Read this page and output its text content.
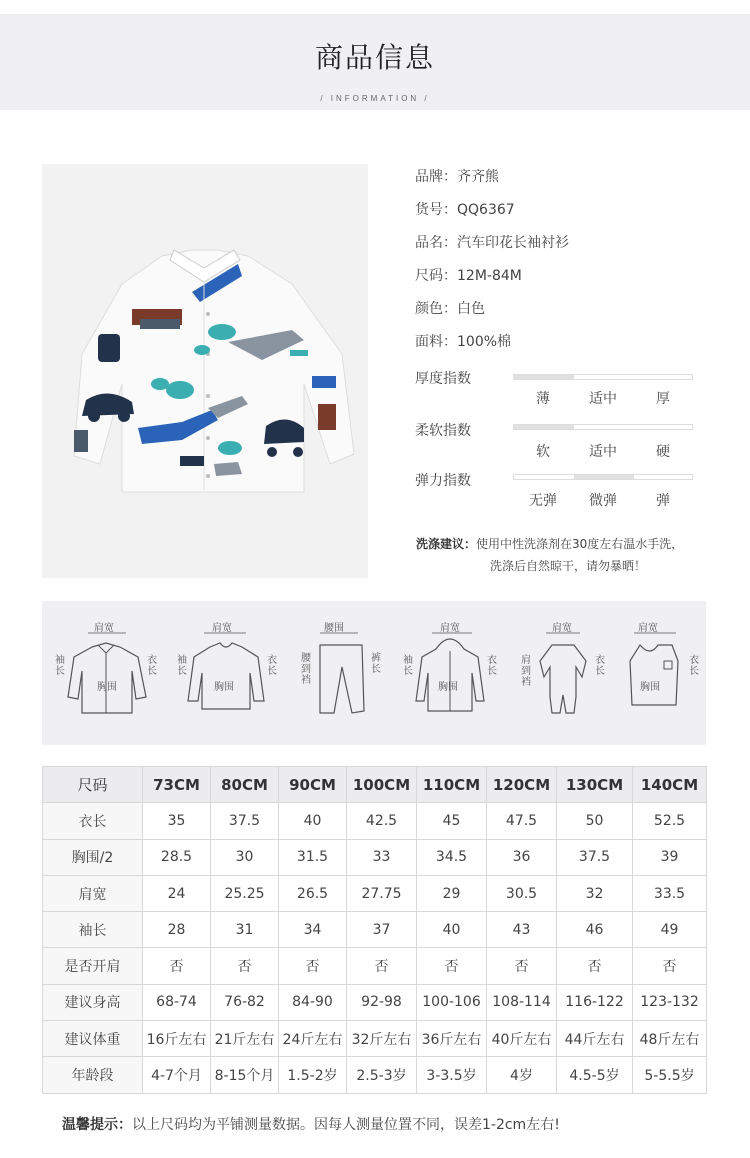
商品信息
/ INFORMATION /
品牌：齐齐熊
货号：QQ6367
品名：汽车印花长袖衬衫
尺码：12M-84M
颜色：白色
面料：100%棉
厚度指数
薄	适中	厚
柔软指数
软	适中	硬
弹力指数
无弹	微弹	弹
洗涤建议：使用中性洗涤剂在30度左右温水手洗，
洗涤后自然晾干，请勿暴晒！
肩宽
袖长
衣长
胸围
肩宽
袖长
衣长
胸围
腰围
腰到裆
裤长
肩宽
袖长
衣长
胸围
肩宽
肩到裆
衣长
肩宽
衣长
胸围
尺码	73CM	80CM	90CM	100CM	110CM	120CM	130CM	140CM
衣长	35	37.5	40	42.5	45	47.5	50	52.5
胸围/2	28.5	30	31.5	33	34.5	36	37.5	39
肩宽	24	25.25	26.5	27.75	29	30.5	32	33.5
袖长	28	31	34	37	40	43	46	49
是否开肩	否	否	否	否	否	否	否	否
建议身高	68-74	76-82	84-90	92-98	100-106	108-114	116-122	123-132
建议体重	16斤左右	21斤左右	24斤左右	32斤左右	36斤左右	40斤左右	44斤左右	48斤左右
年龄段	4-7个月	8-15个月	1.5-2岁	2.5-3岁	3-3.5岁	4岁	4.5-5岁	5-5.5岁
温馨提示：以上尺码均为平铺测量数据。因每人测量位置不同，误差1-2cm左右!
